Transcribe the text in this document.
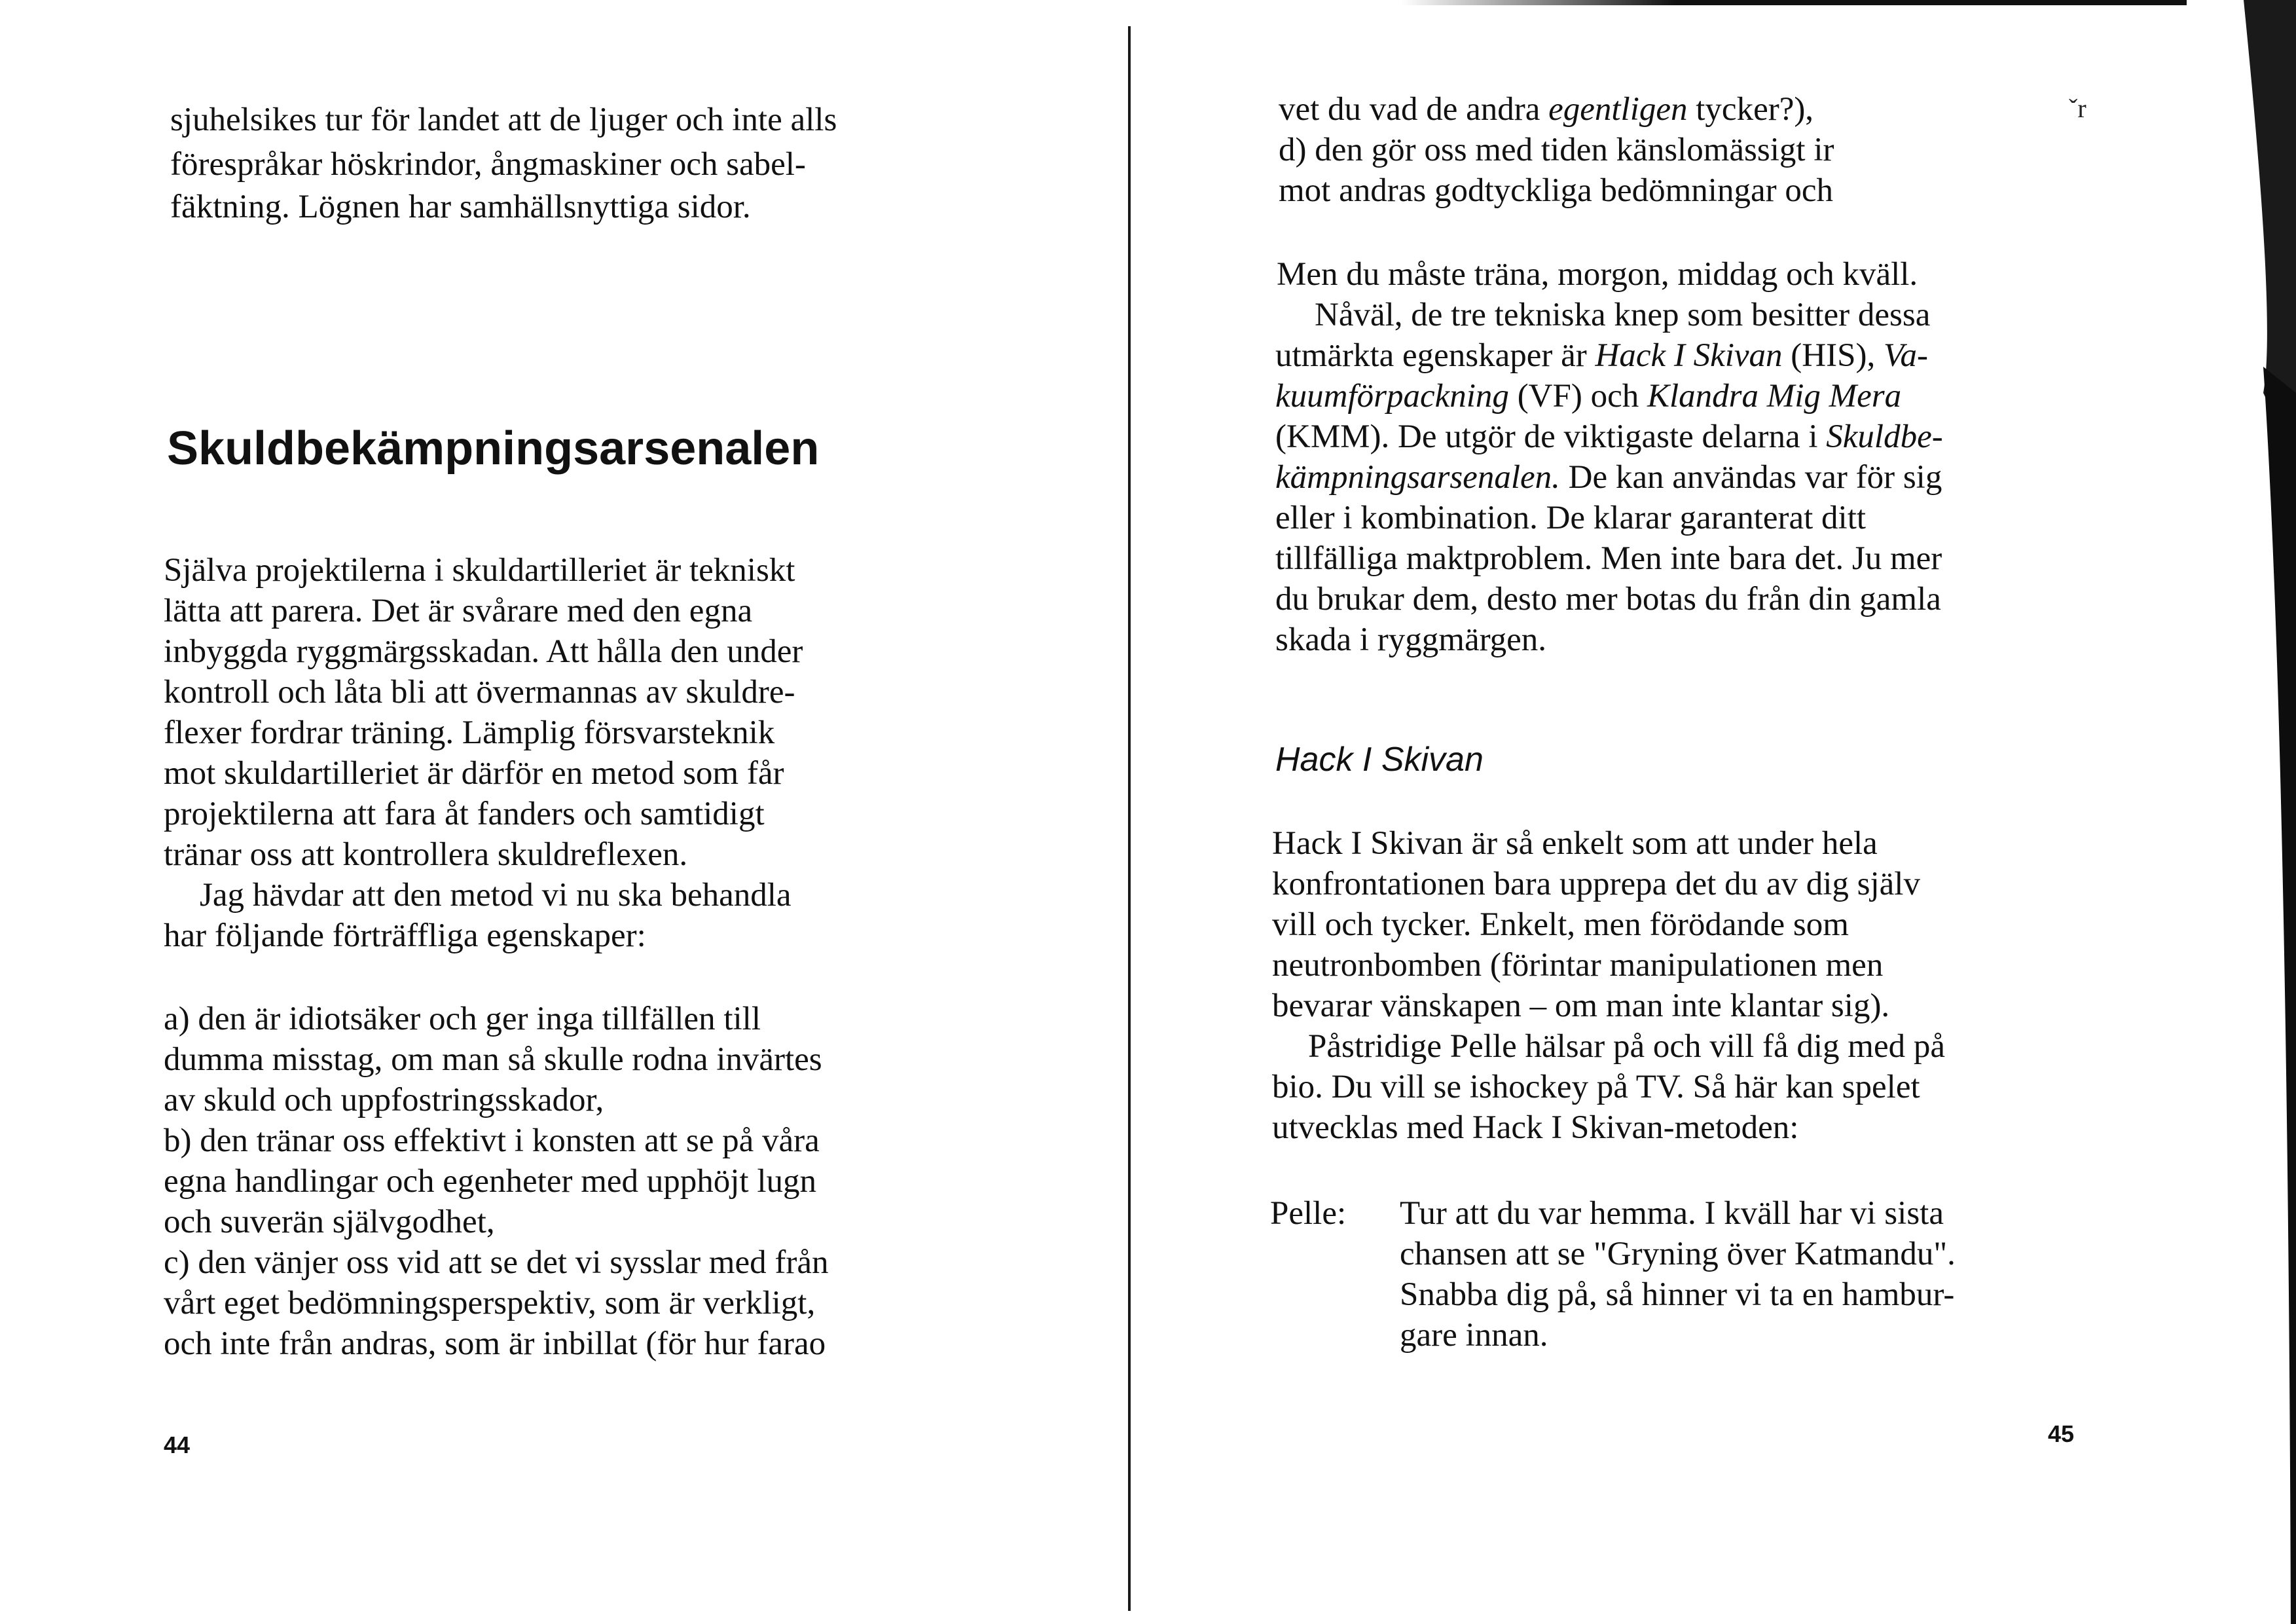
sjuhelsikes tur för landet att de ljuger och inte alls
förespråkar höskrindor, ångmaskiner och sabel-
fäktning. Lögnen har samhällsnyttiga sidor.
Skuldbekämpningsarsenalen
Själva projektilerna i skuldartilleriet är tekniskt
lätta att parera. Det är svårare med den egna
inbyggda ryggmärgsskadan. Att hålla den under
kontroll och låta bli att övermannas av skuldre-
flexer fordrar träning. Lämplig försvarsteknik
mot skuldartilleriet är därför en metod som får
projektilerna att fara åt fanders och samtidigt
tränar oss att kontrollera skuldreflexen.
Jag hävdar att den metod vi nu ska behandla
har följande förträffliga egenskaper:
a) den är idiotsäker och ger inga tillfällen till
dumma misstag, om man så skulle rodna invärtes
av skuld och uppfostringsskador,
b) den tränar oss effektivt i konsten att se på våra
egna handlingar och egenheter med upphöjt lugn
och suverän självgodhet,
c) den vänjer oss vid att se det vi sysslar med från
vårt eget bedömningsperspektiv, som är verkligt,
och inte från andras, som är inbillat (för hur farao
44
vet du vad de andra egentligen tycker?),
d) den gör oss med tiden känslomässigt ir
mot andras godtyckliga bedömningar och
ˇr
Men du måste träna, morgon, middag och kväll.
Nåväl, de tre tekniska knep som besitter dessa
utmärkta egenskaper är Hack I Skivan (HIS), Va-
kuumförpackning (VF) och Klandra Mig Mera
(KMM). De utgör de viktigaste delarna i Skuldbe-
kämpningsarsenalen. De kan användas var för sig
eller i kombination. De klarar garanterat ditt
tillfälliga maktproblem. Men inte bara det. Ju mer
du brukar dem, desto mer botas du från din gamla
skada i ryggmärgen.
Hack I Skivan
Hack I Skivan är så enkelt som att under hela
konfrontationen bara upprepa det du av dig själv
vill och tycker. Enkelt, men förödande som
neutronbomben (förintar manipulationen men
bevarar vänskapen – om man inte klantar sig).
Påstridige Pelle hälsar på och vill få dig med på
bio. Du vill se ishockey på TV. Så här kan spelet
utvecklas med Hack I Skivan-metoden:
Pelle: Tur att du var hemma. I kväll har vi sista
chansen att se "Gryning över Katmandu".
Snabba dig på, så hinner vi ta en hambur-
gare innan.
45
